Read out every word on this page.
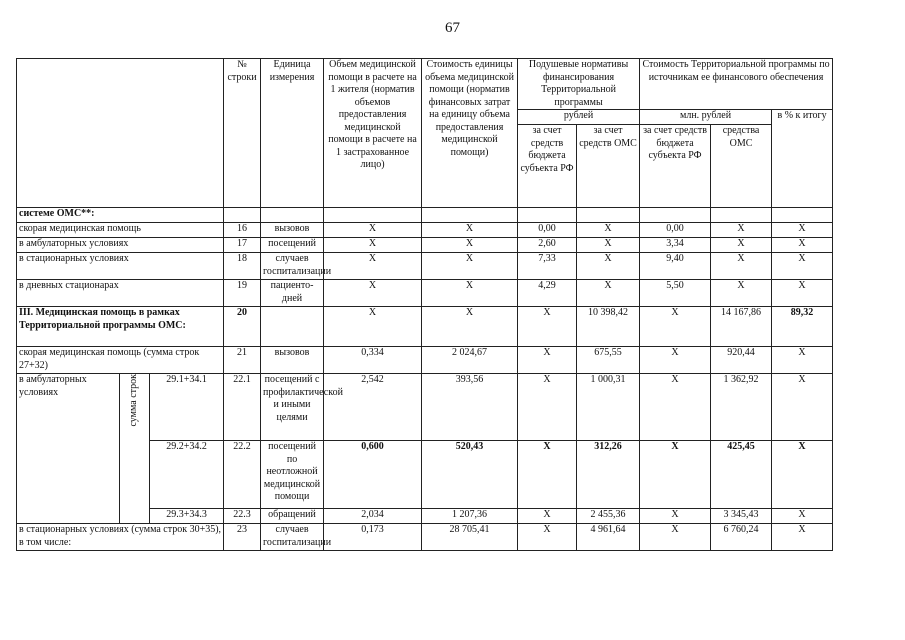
67
			№ строки	Единица измерения	Объем медицинской помощи в расчете на 1 жителя (норматив объемов предоставления медицинской помощи в расчете на 1 застрахованное лицо)	Стоимость единицы объема медицинской помощи (норматив финансовых затрат на единицу объема предоставления медицинской помощи)	Подушевые нормативы финансирования Территориальной программы		Стоимость Территориальной программы по источникам ее финансового обеспечения		
							рублей		млн. рублей		в % к итогу
							за счет средств бюджета субъекта РФ	за счет средств ОМС	за счет средств бюджета субъекта РФ	средства ОМС	
системе ОМС**:											
скорая медицинская помощь			16	вызовов	X	X	0,00	X	0,00	X	X
в амбулаторных условиях			17	посещений	X	X	2,60	X	3,34	X	X
в стационарных условиях			18	случаев госпитализации	X	X	7,33	X	9,40	X	X
в дневных стационарах			19	пациенто-дней	X	X	4,29	X	5,50	X	X
III. Медицинская помощь в рамках Территориальной программы ОМС:			20		X	X	X	10 398,42	X	14 167,86	89,32
скорая медицинская помощь (сумма строк 27+32)			21	вызовов	0,334	2 024,67	X	675,55	X	920,44	X
в амбулаторных условиях	сумма строк	29.1+34.1	22.1	посещений с профилактической и иными целями	2,542	393,56	X	1 000,31	X	1 362,92	X
		29.2+34.2	22.2	посещений по неотложной медицинской помощи	0,600	520,43	X	312,26	X	425,45	X
		29.3+34.3	22.3	обращений	2,034	1 207,36	X	2 455,36	X	3 345,43	X
в стационарных условиях (сумма строк 30+35), в том числе:			23	случаев госпитализации	0,173	28 705,41	X	4 961,64	X	6 760,24	X
